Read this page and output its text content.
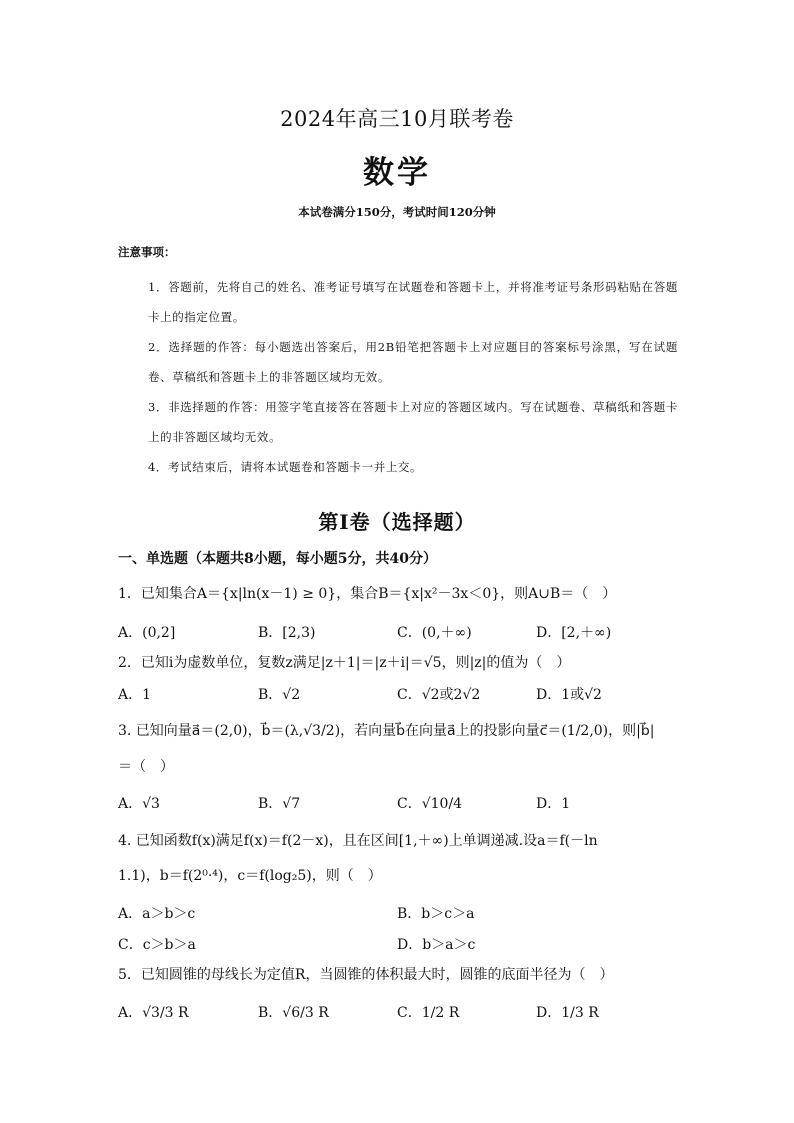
2024年高三10月联考卷
数学
本试卷满分150分，考试时间120分钟
注意事项：
1．答题前，先将自己的姓名、准考证号填写在试题卷和答题卡上，并将准考证号条形码粘贴在答题卡上的指定位置。
2．选择题的作答：每小题选出答案后，用2B铅笔把答题卡上对应题目的答案标号涂黑，写在试题卷、草稿纸和答题卡上的非答题区域均无效。
3．非选择题的作答：用签字笔直接答在答题卡上对应的答题区域内。写在试题卷、草稿纸和答题卡上的非答题区域均无效。
4．考试结束后，请将本试题卷和答题卡一并上交。
第Ⅰ卷（选择题）
一、单选题（本题共8小题，每小题5分，共40分）
1．已知集合A＝{x|ln(x－1) ≥ 0}，集合B＝{x|x²－3x＜0}，则A∪B＝（　）
A．(0,2]	B．[2,3)	C．(0,＋∞)	D．[2,＋∞)
2．已知i为虚数单位，复数z满足|z＋1|＝|z＋i|＝√5，则|z|的值为（　）
A．1	B．√2	C．√2或2√2	D．1或√2
3. 已知向量a⃗＝(2,0)，b⃗＝(λ,√3/2)，若向量b⃗在向量a⃗上的投影向量c⃗＝(1/2,0)，则|b⃗|
＝（　）
A．√3	B．√7	C．√10/4	D．1
4. 已知函数f(x)满足f(x)＝f(2－x)，且在区间[1,＋∞)上单调递减.设a＝f(－ln
1.1)，b＝f(2⁰·⁴)，c＝f(log₂5)，则（　）
A．a＞b＞c	B．b＞c＞a
C．c＞b＞a	D．b＞a＞c
5．已知圆锥的母线长为定值R，当圆锥的体积最大时，圆锥的底面半径为（　）
A．√3/3 R	B．√6/3 R	C．1/2 R	D．1/3 R
